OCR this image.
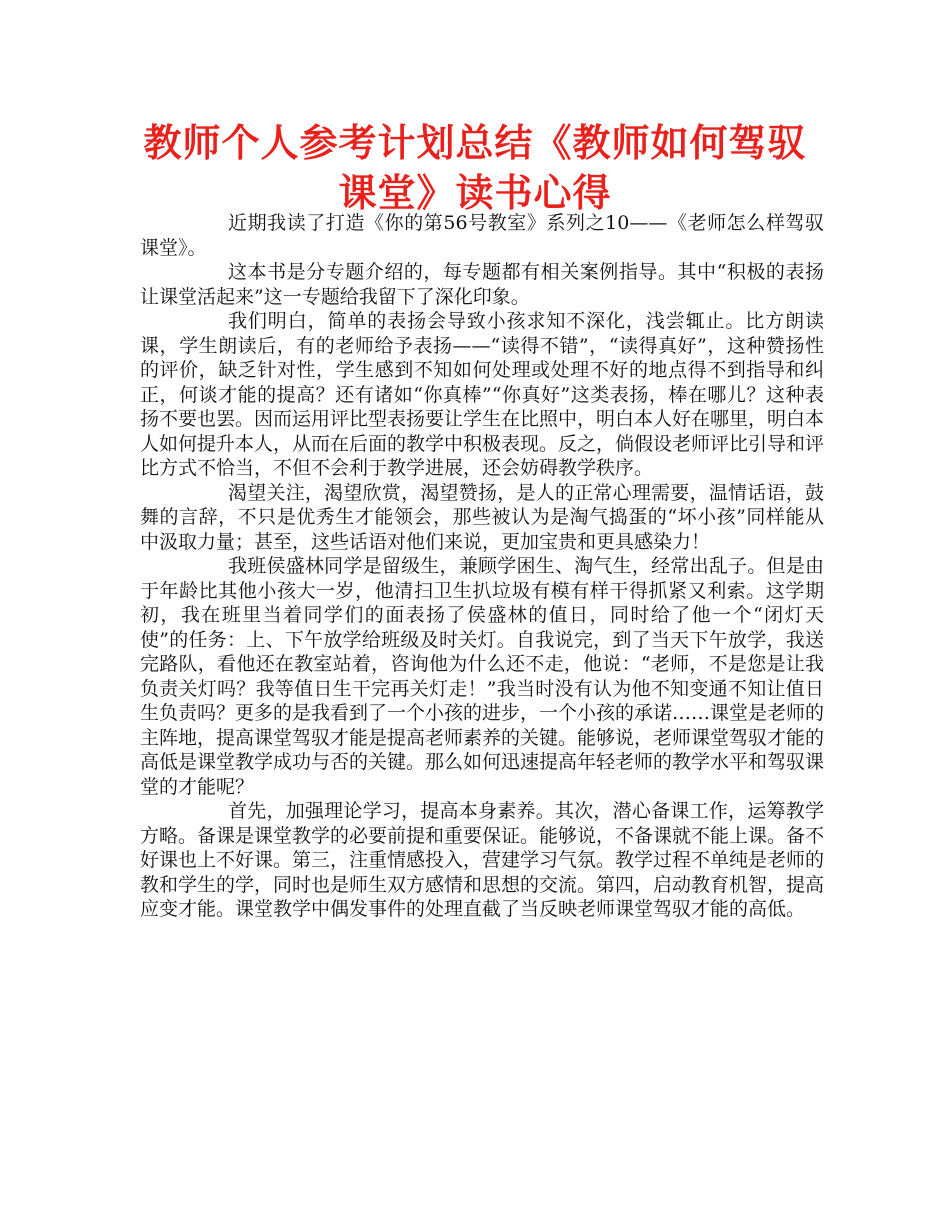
教师个人参考计划总结《教师如何驾驭课堂》读书心得

近期我读了打造《你的第56号教室》系列之10——《老师怎么样驾驭课堂》。

这本书是分专题介绍的，每专题都有相关案例指导。其中“积极的表扬让课堂活起来”这一专题给我留下了深化印象。

我们明白，简单的表扬会导致小孩求知不深化，浅尝辄止。比方朗读课，学生朗读后，有的老师给予表扬——“读得不错”，“读得真好”，这种赞扬性的评价，缺乏针对性，学生感到不知如何处理或处理不好的地点得不到指导和纠正，何谈才能的提高？还有诸如“你真棒”“你真好”这类表扬，棒在哪儿？这种表扬不要也罢。因而运用评比型表扬要让学生在比照中，明白本人好在哪里，明白本人如何提升本人，从而在后面的教学中积极表现。反之，倘假设老师评比引导和评比方式不恰当，不但不会利于教学进展，还会妨碍教学秩序。

渴望关注，渴望欣赏，渴望赞扬，是人的正常心理需要，温情话语，鼓舞的言辞，不只是优秀生才能领会，那些被认为是淘气捣蛋的“坏小孩”同样能从中汲取力量；甚至，这些话语对他们来说，更加宝贵和更具感染力！

我班侯盛林同学是留级生，兼顾学困生、淘气生，经常出乱子。但是由于年龄比其他小孩大一岁，他清扫卫生扒垃圾有模有样干得抓紧又利索。这学期初，我在班里当着同学们的面表扬了侯盛林的值日，同时给了他一个“闭灯天使”的任务：上、下午放学给班级及时关灯。自我说完，到了当天下午放学，我送完路队，看他还在教室站着，咨询他为什么还不走，他说：“老师，不是您是让我负责关灯吗？我等值日生干完再关灯走！”我当时没有认为他不知变通不知让值日生负责吗？更多的是我看到了一个小孩的进步，一个小孩的承诺……课堂是老师的主阵地，提高课堂驾驭才能是提高老师素养的关键。能够说，老师课堂驾驭才能的高低是课堂教学成功与否的关键。那么如何迅速提高年轻老师的教学水平和驾驭课堂的才能呢？

首先，加强理论学习，提高本身素养。其次，潜心备课工作，运筹教学方略。备课是课堂教学的必要前提和重要保证。能够说，不备课就不能上课。备不好课也上不好课。第三，注重情感投入，营建学习气氛。教学过程不单纯是老师的教和学生的学，同时也是师生双方感情和思想的交流。第四，启动教育机智，提高应变才能。课堂教学中偶发事件的处理直截了当反映老师课堂驾驭才能的高低。
